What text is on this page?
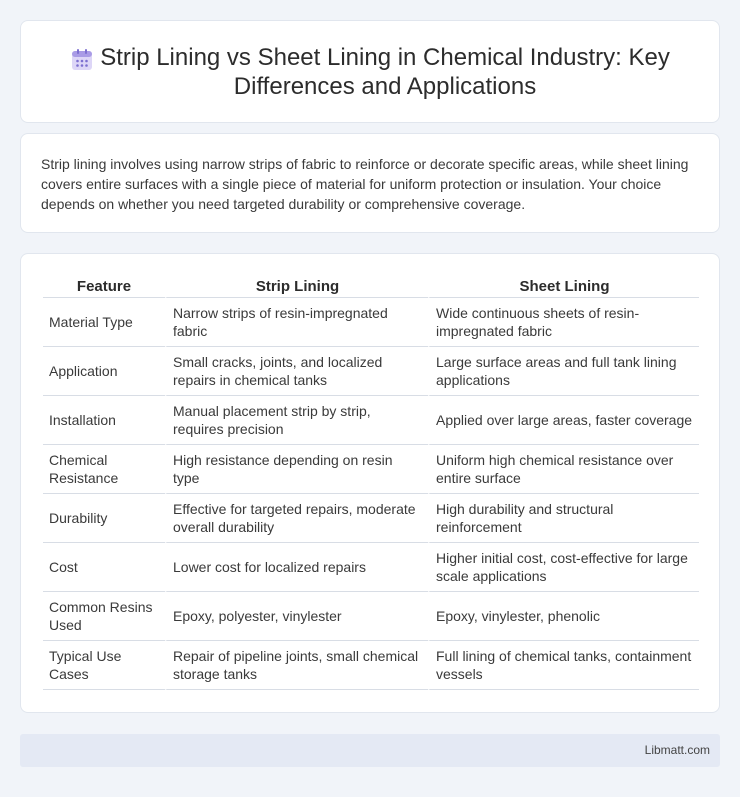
Strip Lining vs Sheet Lining in Chemical Industry: Key Differences and Applications

Strip lining involves using narrow strips of fabric to reinforce or decorate specific areas, while sheet lining covers entire surfaces with a single piece of material for uniform protection or insulation. Your choice depends on whether you need targeted durability or comprehensive coverage.

Feature	Strip Lining	Sheet Lining
Material Type	Narrow strips of resin-impregnated fabric	Wide continuous sheets of resin-impregnated fabric
Application	Small cracks, joints, and localized repairs in chemical tanks	Large surface areas and full tank lining applications
Installation	Manual placement strip by strip, requires precision	Applied over large areas, faster coverage
Chemical Resistance	High resistance depending on resin type	Uniform high chemical resistance over entire surface
Durability	Effective for targeted repairs, moderate overall durability	High durability and structural reinforcement
Cost	Lower cost for localized repairs	Higher initial cost, cost-effective for large scale applications
Common Resins Used	Epoxy, polyester, vinylester	Epoxy, vinylester, phenolic
Typical Use Cases	Repair of pipeline joints, small chemical storage tanks	Full lining of chemical tanks, containment vessels
Libmatt.com
